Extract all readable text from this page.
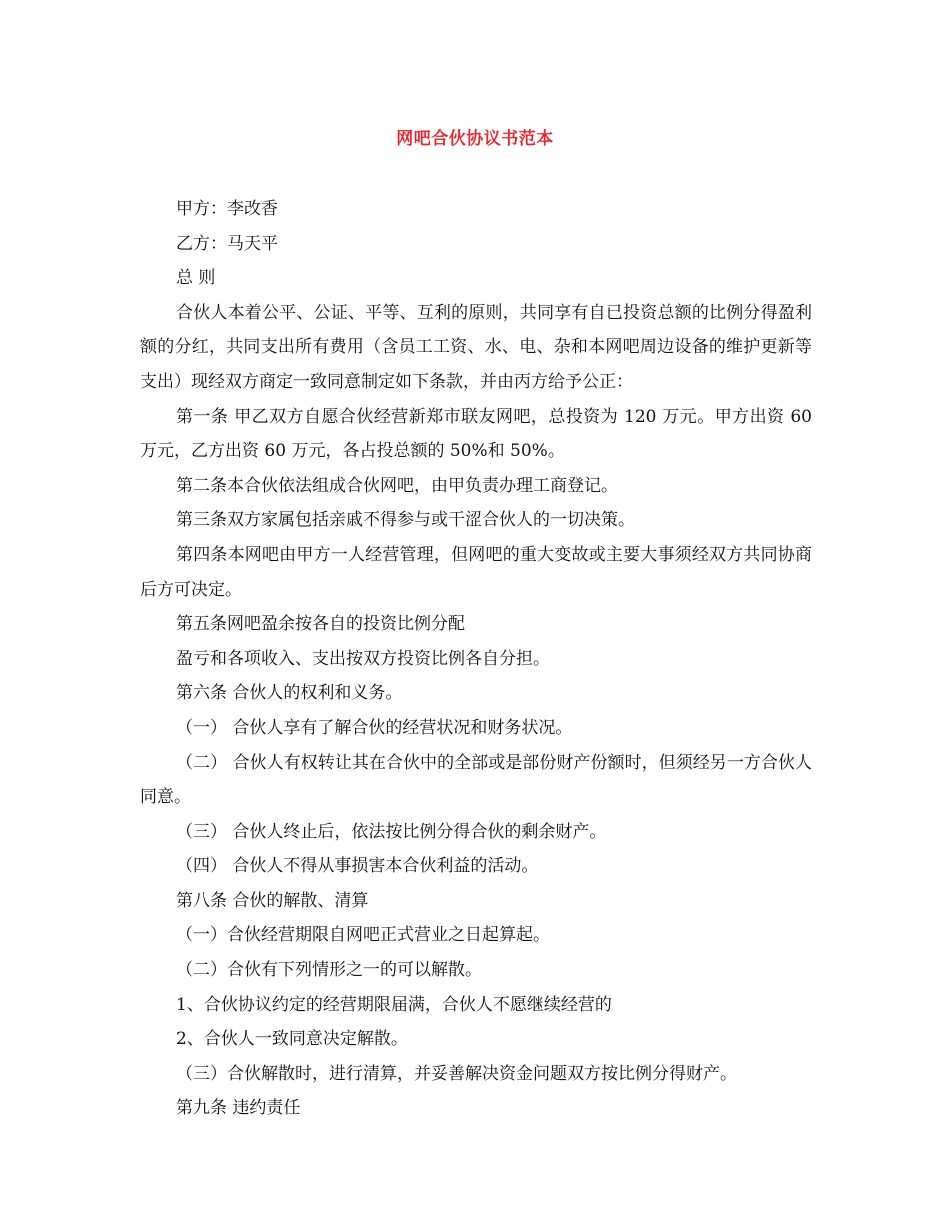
网吧合伙协议书范本

甲方：李改香

乙方：马天平

总 则

合伙人本着公平、公证、平等、互利的原则，共同享有自已投资总额的比例分得盈利额的分红，共同支出所有费用（含员工工资、水、电、杂和本网吧周边设备的维护更新等支出）现经双方商定一致同意制定如下条款，并由丙方给予公正：

第一条 甲乙双方自愿合伙经营新郑市联友网吧，总投资为 120 万元。甲方出资 60 万元，乙方出资 60 万元，各占投总额的 50%和 50%。

第二条本合伙依法组成合伙网吧，由甲负责办理工商登记。

第三条双方家属包括亲戚不得参与或干涩合伙人的一切决策。

第四条本网吧由甲方一人经营管理，但网吧的重大变故或主要大事须经双方共同协商后方可决定。

第五条网吧盈余按各自的投资比例分配

盈亏和各项收入、支出按双方投资比例各自分担。

第六条 合伙人的权利和义务。

（一） 合伙人享有了解合伙的经营状况和财务状况。

（二） 合伙人有权转让其在合伙中的全部或是部份财产份额时，但须经另一方合伙人同意。

（三） 合伙人终止后，依法按比例分得合伙的剩余财产。

（四） 合伙人不得从事损害本合伙利益的活动。

第八条 合伙的解散、清算

（一）合伙经营期限自网吧正式营业之日起算起。

（二）合伙有下列情形之一的可以解散。

1、合伙协议约定的经营期限届满，合伙人不愿继续经营的

2、合伙人一致同意决定解散。

（三）合伙解散时，进行清算，并妥善解决资金问题双方按比例分得财产。

第九条 违约责任
